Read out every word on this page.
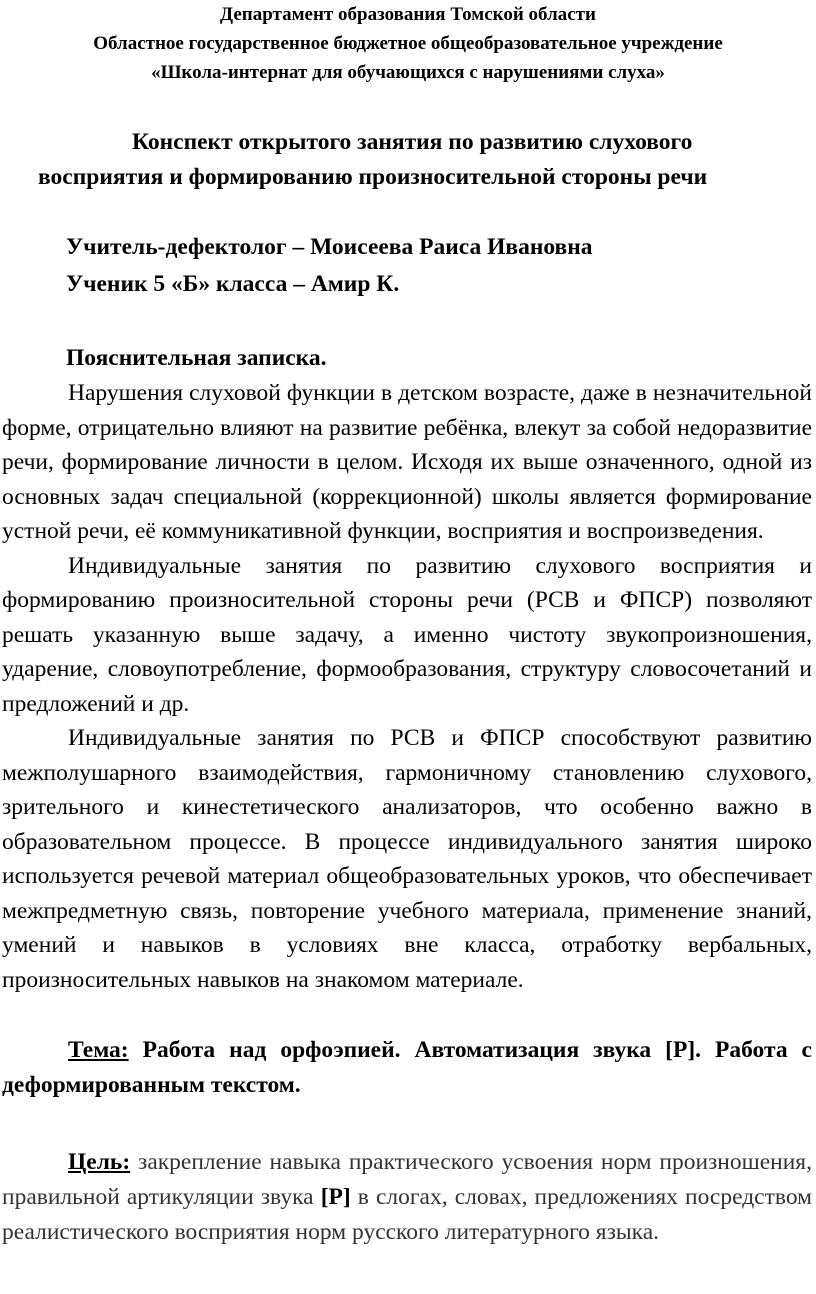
Департамент образования Томской области
Областное государственное бюджетное общеобразовательное учреждение
«Школа-интернат для обучающихся с нарушениями слуха»
Конспект открытого занятия по развитию слухового
восприятия и формированию произносительной стороны речи
Учитель-дефектолог – Моисеева Раиса Ивановна
Ученик 5 «Б» класса – Амир К.
Пояснительная записка.

Нарушения слуховой функции в детском возрасте, даже в незначительной форме, отрицательно влияют на развитие ребёнка, влекут за собой недоразвитие речи, формирование личности в целом. Исходя их выше означенного, одной из основных задач специальной (коррекционной) школы является формирование устной речи, её коммуникативной функции, восприятия и воспроизведения.

Индивидуальные занятия по развитию слухового восприятия и формированию произносительной стороны речи (РСВ и ФПСР) позволяют решать указанную выше задачу, а именно чистоту звукопроизношения, ударение, словоупотребление, формообразования, структуру словосочетаний и предложений и др.

Индивидуальные занятия по РСВ и ФПСР способствуют развитию межполушарного взаимодействия, гармоничному становлению слухового, зрительного и кинестетического анализаторов, что особенно важно в образовательном процессе. В процессе индивидуального занятия широко используется речевой материал общеобразовательных уроков, что обеспечивает межпредметную связь, повторение учебного материала, применение знаний, умений и навыков в условиях вне класса, отработку вербальных, произносительных навыков на знакомом материале.

Тема: Работа над орфоэпией. Автоматизация звука [Р]. Работа с деформированным текстом.
Цель: закрепление навыка практического усвоения норм произношения, правильной артикуляции звука [Р] в слогах, словах, предложениях посредством реалистического восприятия норм русского литературного языка.
